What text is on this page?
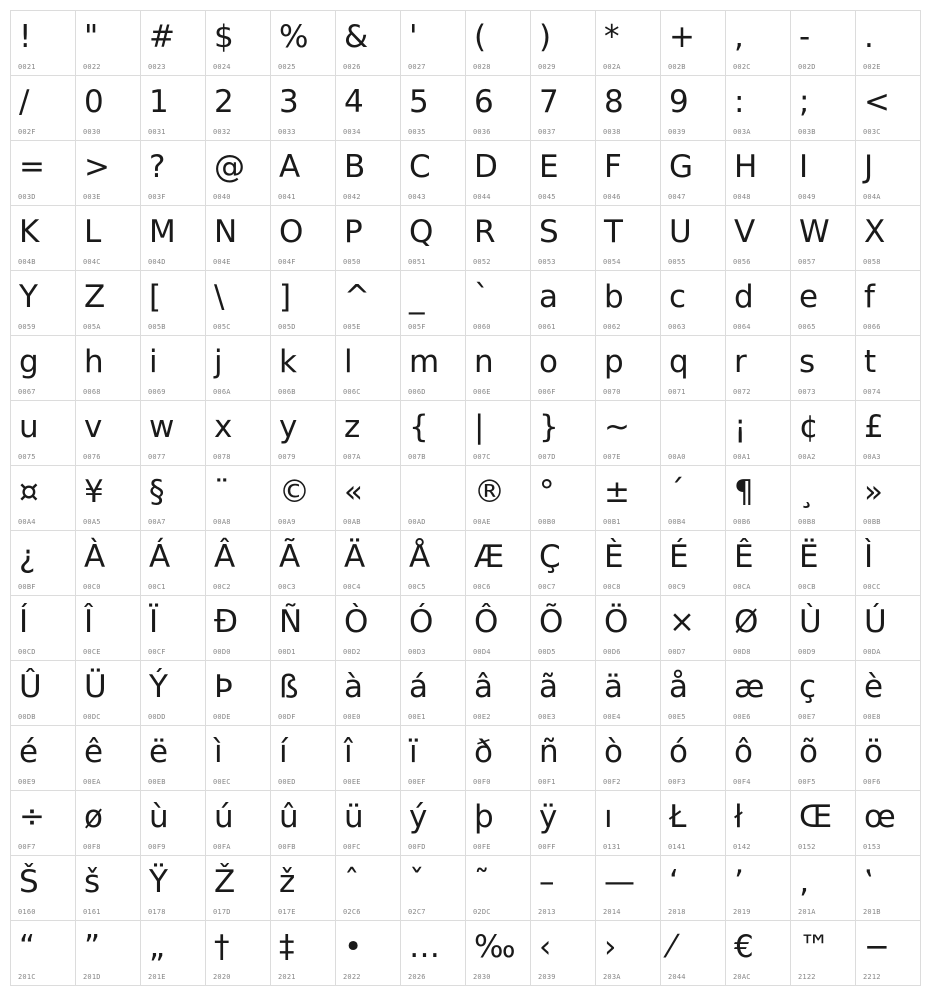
!
0021
"
0022
#
0023
$
0024
%
0025
&
0026
'
0027
(
0028
)
0029
*
002A
+
002B
,
002C
-
002D
.
002E
/
002F
0
0030
1
0031
2
0032
3
0033
4
0034
5
0035
6
0036
7
0037
8
0038
9
0039
:
003A
;
003B
<
003C
=
003D
>
003E
?
003F
@
0040
A
0041
B
0042
C
0043
D
0044
E
0045
F
0046
G
0047
H
0048
I
0049
J
004A
K
004B
L
004C
M
004D
N
004E
O
004F
P
0050
Q
0051
R
0052
S
0053
T
0054
U
0055
V
0056
W
0057
X
0058
Y
0059
Z
005A
[
005B
\
005C
]
005D
^
005E
_
005F
`
0060
a
0061
b
0062
c
0063
d
0064
e
0065
f
0066
g
0067
h
0068
i
0069
j
006A
k
006B
l
006C
m
006D
n
006E
o
006F
p
0070
q
0071
r
0072
s
0073
t
0074
u
0075
v
0076
w
0077
x
0078
y
0079
z
007A
{
007B
|
007C
}
007D
~
007E	00A0
¡
00A1
¢
00A2
£
00A3
¤
00A4
¥
00A5
§
00A7
¨
00A8
©
00A9
«
00AB	00AD
®
00AE
°
00B0
±
00B1
´
00B4
¶
00B6
¸
00B8
»
00BB
¿
00BF
À
00C0
Á
00C1
Â
00C2
Ã
00C3
Ä
00C4
Å
00C5
Æ
00C6
Ç
00C7
È
00C8
É
00C9
Ê
00CA
Ë
00CB
Ì
00CC
Í
00CD
Î
00CE
Ï
00CF
Ð
00D0
Ñ
00D1
Ò
00D2
Ó
00D3
Ô
00D4
Õ
00D5
Ö
00D6
×
00D7
Ø
00D8
Ù
00D9
Ú
00DA
Û
00DB
Ü
00DC
Ý
00DD
Þ
00DE
ß
00DF
à
00E0
á
00E1
â
00E2
ã
00E3
ä
00E4
å
00E5
æ
00E6
ç
00E7
è
00E8
é
00E9
ê
00EA
ë
00EB
ì
00EC
í
00ED
î
00EE
ï
00EF
ð
00F0
ñ
00F1
ò
00F2
ó
00F3
ô
00F4
õ
00F5
ö
00F6
÷
00F7
ø
00F8
ù
00F9
ú
00FA
û
00FB
ü
00FC
ý
00FD
þ
00FE
ÿ
00FF
ı
0131
Ł
0141
ł
0142
Œ
0152
œ
0153
Š
0160
š
0161
Ÿ
0178
Ž
017D
ž
017E
ˆ
02C6
ˇ
02C7
˜
02DC
–
2013
—
2014
‘
2018
’
2019
‚
201A
‛
201B
“
201C
”
201D
„
201E
†
2020
‡
2021
•
2022
…
2026
‰
2030
‹
2039
›
203A
⁄
2044
€
20AC
™
2122
−
2212
